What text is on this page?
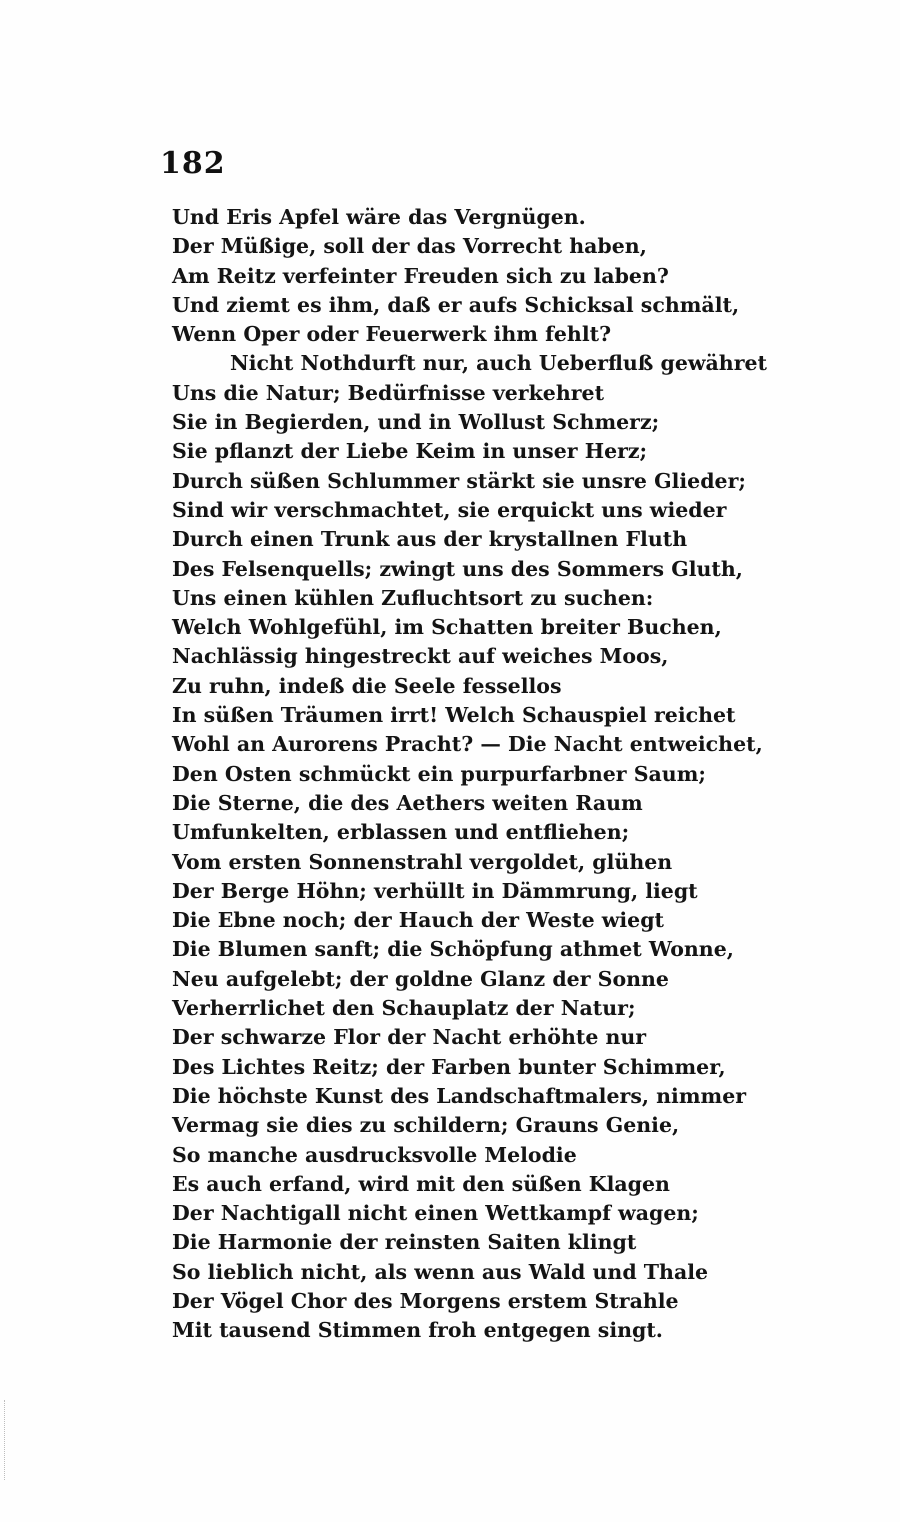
182
Und Eris Apfel wäre das Vergnügen.
Der Müßige, soll der das Vorrecht haben,
Am Reitz verfeinter Freuden sich zu laben?
Und ziemt es ihm, daß er aufs Schicksal schmält,
Wenn Oper oder Feuerwerk ihm fehlt?
Nicht Nothdurft nur, auch Ueberfluß gewähret
Uns die Natur; Bedürfnisse verkehret
Sie in Begierden, und in Wollust Schmerz;
Sie pflanzt der Liebe Keim in unser Herz;
Durch süßen Schlummer stärkt sie unsre Glieder;
Sind wir verschmachtet, sie erquickt uns wieder
Durch einen Trunk aus der krystallnen Fluth
Des Felsenquells; zwingt uns des Sommers Gluth,
Uns einen kühlen Zufluchtsort zu suchen:
Welch Wohlgefühl, im Schatten breiter Buchen,
Nachlässig hingestreckt auf weiches Moos,
Zu ruhn, indeß die Seele fessellos
In süßen Träumen irrt! Welch Schauspiel reichet
Wohl an Aurorens Pracht? — Die Nacht entweichet,
Den Osten schmückt ein purpurfarbner Saum;
Die Sterne, die des Aethers weiten Raum
Umfunkelten, erblassen und entfliehen;
Vom ersten Sonnenstrahl vergoldet, glühen
Der Berge Höhn; verhüllt in Dämmrung, liegt
Die Ebne noch; der Hauch der Weste wiegt
Die Blumen sanft; die Schöpfung athmet Wonne,
Neu aufgelebt; der goldne Glanz der Sonne
Verherrlichet den Schauplatz der Natur;
Der schwarze Flor der Nacht erhöhte nur
Des Lichtes Reitz; der Farben bunter Schimmer,
Die höchste Kunst des Landschaftmalers, nimmer
Vermag sie dies zu schildern; Grauns Genie,
So manche ausdrucksvolle Melodie
Es auch erfand, wird mit den süßen Klagen
Der Nachtigall nicht einen Wettkampf wagen;
Die Harmonie der reinsten Saiten klingt
So lieblich nicht, als wenn aus Wald und Thale
Der Vögel Chor des Morgens erstem Strahle
Mit tausend Stimmen froh entgegen singt.
